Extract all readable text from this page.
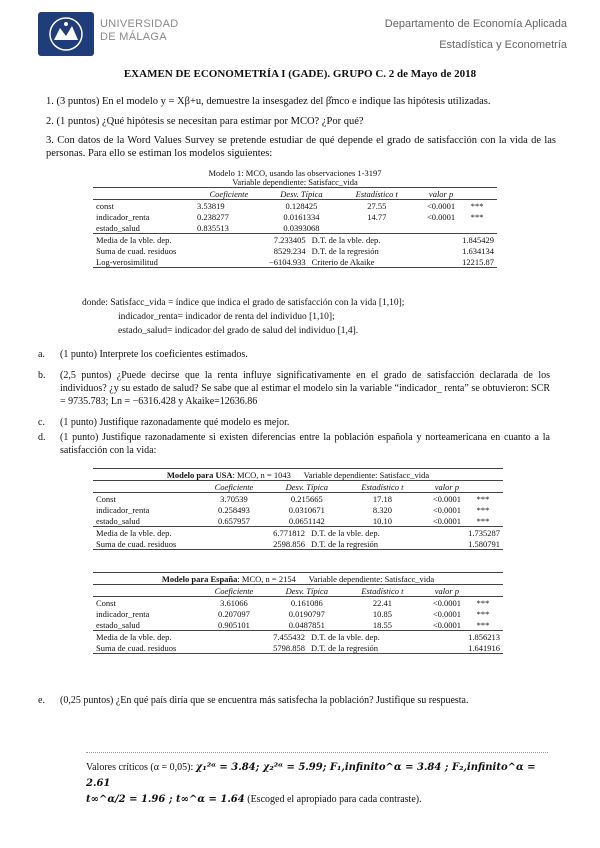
UNIVERSIDAD
DE MÁLAGA
Departamento de Economía Aplicada
Estadística y Econometría
EXAMEN DE ECONOMETRÍA I (GADE). GRUPO C. 2 de Mayo de 2018
1. (3 puntos) En el modelo y = Xβ+u, demuestre la insesgadez del β̂mco e indique las hipótesis utilizadas.
2. (1 puntos) ¿Qué hipótesis se necesitan para estimar por MCO? ¿Por qué?
3. Con datos de la Word Values Survey se pretende estudiar de qué depende el grado de satisfacción con la vida de las personas. Para ello se estiman los modelos siguientes:
Modelo 1: MCO, usando las observaciones 1-3197
Variable dependiente: Satisfacc_vida
	Coeficiente	Desv. Típica	Estadístico t	valor p	
const	3.53819	0.128425	27.55	<0.0001	***
indicador_renta	0.238277	0.0161334	14.77	<0.0001	***
estado_salud	0.835513	0.0393068			
Media de la vble. dep.	7.233405	D.T. de la vble. dep.	1.845429
Suma de cuad. residuos	8529.234	D.T. de la regresión	1.634134
Log-verosimilitud	−6104.933	Criterio de Akaike	12215.87
donde: Satisfacc_vida = índice que indica el grado de satisfacción con la vida [1,10];
indicador_renta= indicador de renta del individuo [1,10];
estado_salud= indicador del grado de salud del individuo [1,4].
a. (1 punto) Interprete los coeficientes estimados.
b. (2,5 puntos) ¿Puede decirse que la renta influye significativamente en el grado de satisfacción declarada de los individuos? ¿y su estado de salud? Se sabe que al estimar el modelo sin la variable “indicador_ renta” se obtuvieron: SCR = 9735.783; Ln = −6316.428 y Akaike=12636.86
c. (1 punto) Justifique razonadamente qué modelo es mejor.
d. (1 punto) Justifique razonadamente si existen diferencias entre la población española y norteamericana en cuanto a la satisfacción con la vida:
Modelo para USA: MCO, n = 1043 Variable dependiente: Satisfacc_vida					
	Coeficiente	Desv. Típica	Estadístico t	valor p	
Const	3.70539	0.215665	17.18	<0.0001	***
indicador_renta	0.258493	0.0310671	8.320	<0.0001	***
estado_salud	0.657957	0.0651142	10.10	<0.0001	***
Media de la vble. dep.	6.771812	D.T. de la vble. dep.	1.735287
Suma de cuad. residuos	2598.856	D.T. de la regresión	1.580791
Modelo para España: MCO, n = 2154 Variable dependiente: Satisfacc_vida					
	Coeficiente	Desv. Típica	Estadístico t	valor p	
Const	3.61066	0.161086	22.41	<0.0001	***
indicador_renta	0.207097	0.0190797	10.85	<0.0001	***
estado_salud	0.905101	0.0487851	18.55	<0.0001	***
Media de la vble. dep.	7.455432	D.T. de la vble. dep.	1.856213
Suma de cuad. residuos	5798.858	D.T. de la regresión	1.641916
e. (0,25 puntos) ¿En qué país diría que se encuentra más satisfecha la población? Justifique su respuesta.
Valores críticos (α = 0,05): χ₁²ᵅ = 3.84; χ₂²ᵅ = 5.99; F₁,infinito^α = 3.84 ; F₂,infinito^α = 2.61
t∞^α/2 = 1.96 ; t∞^α = 1.64 (Escoged el apropiado para cada contraste).
